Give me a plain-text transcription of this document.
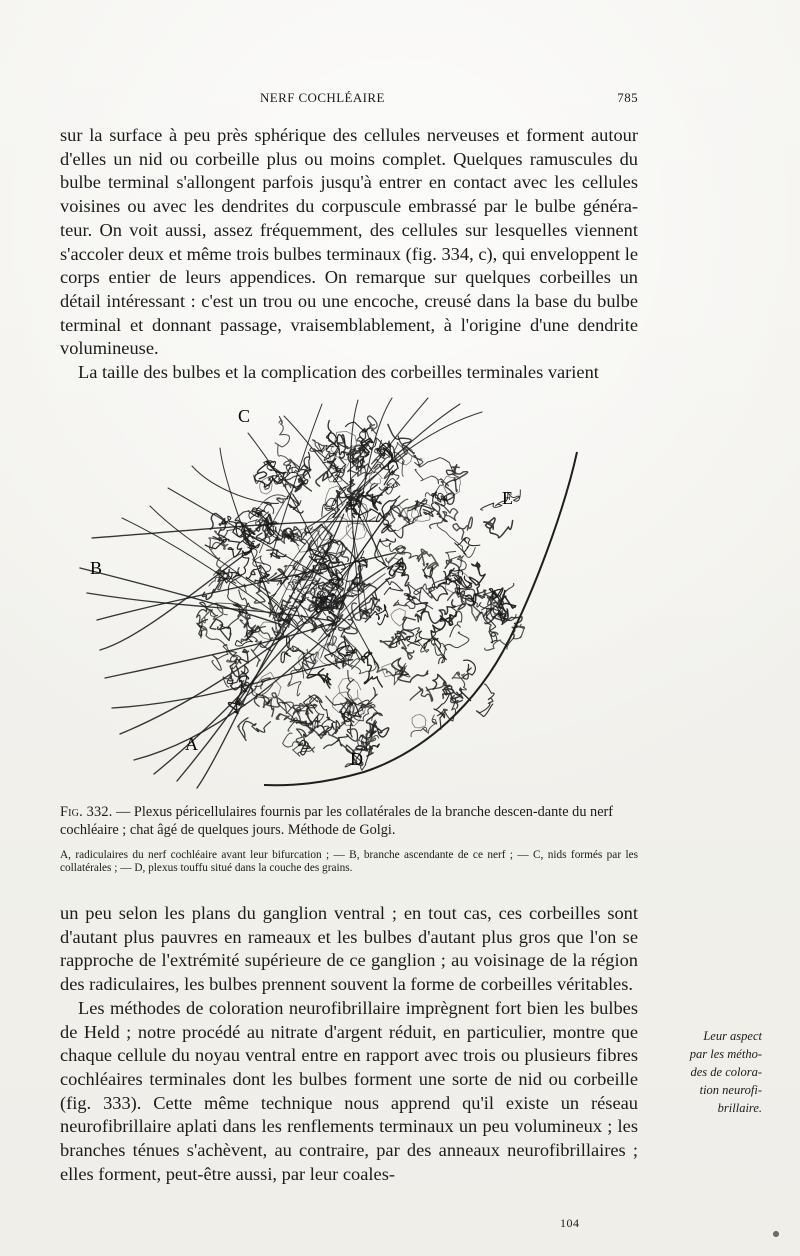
NERF COCHLÉAIRE	785

sur la surface à peu près sphérique des cellules nerveuses et forment autour d'elles un nid ou corbeille plus ou moins complet. Quelques ramuscules du bulbe terminal s'allongent parfois jusqu'à entrer en contact avec les cellules voisines ou avec les dendrites du corpuscule embrassé par le bulbe généra-teur. On voit aussi, assez fréquemment, des cellules sur lesquelles viennent s'accoler deux et même trois bulbes terminaux (fig. 334, c), qui enveloppent le corps entier de leurs appendices. On remarque sur quelques corbeilles un détail intéressant : c'est un trou ou une encoche, creusé dans la base du bulbe terminal et donnant passage, vraisemblablement, à l'origine d'une dendrite volumineuse.

La taille des bulbes et la complication des corbeilles terminales varient

C
E
B
A
D
Fig. 332. — Plexus péricellulaires fournis par les collatérales de la branche descen-dante du nerf cochléaire ; chat âgé de quelques jours. Méthode de Golgi.
A, radiculaires du nerf cochléaire avant leur bifurcation ; — B, branche ascendante de ce nerf ; — C, nids formés par les collatérales ; — D, plexus touffu situé dans la couche des grains.

un peu selon les plans du ganglion ventral ; en tout cas, ces corbeilles sont d'autant plus pauvres en rameaux et les bulbes d'autant plus gros que l'on se rapproche de l'extrémité supérieure de ce ganglion ; au voisinage de la région des radiculaires, les bulbes prennent souvent la forme de corbeilles véritables.

Les méthodes de coloration neurofibrillaire imprègnent fort bien les bulbes de Held ; notre procédé au nitrate d'argent réduit, en particulier, montre que chaque cellule du noyau ventral entre en rapport avec trois ou plusieurs fibres cochléaires terminales dont les bulbes forment une sorte de nid ou corbeille (fig. 333). Cette même technique nous apprend qu'il existe un réseau neurofibrillaire aplati dans les renflements terminaux un peu volumineux ; les branches ténues s'achèvent, au contraire, par des anneaux neurofibrillaires ; elles forment, peut-être aussi, par leur coales-

Leur aspect
par les métho-
des de colora-
tion neurofi-
brillaire.
104
